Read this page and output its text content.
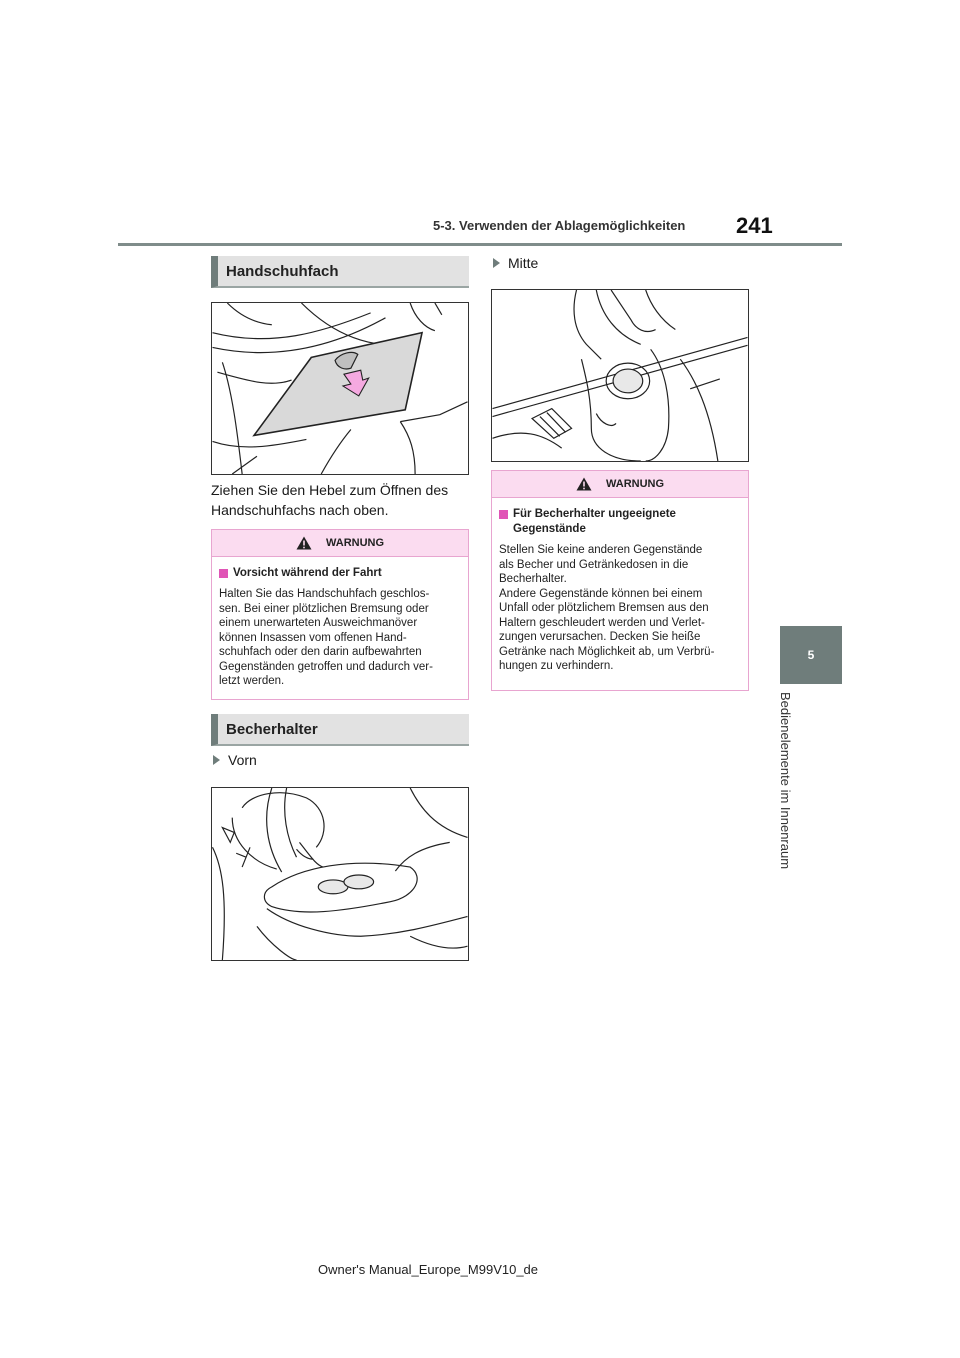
5-3. Verwenden der Ablagemöglichkeiten 241
5
Bedienelemente im Innenraum
Handschuhfach
Ziehen Sie den Hebel zum Öffnen des Handschuhfachs nach oben.
WARNUNG
Vorsicht während der Fahrt
Halten Sie das Handschuhfach geschlos-
sen. Bei einer plötzlichen Bremsung oder
einem unerwarteten Ausweichmanöver
können Insassen vom offenen Hand-
schuhfach oder den darin aufbewahrten
Gegenständen getroffen und dadurch ver-
letzt werden.
Becherhalter
Vorn
Mitte
WARNUNG
Für Becherhalter ungeeignete Gegenstände
Stellen Sie keine anderen Gegenstände
als Becher und Getränkedosen in die
Becherhalter.
Andere Gegenstände können bei einem
Unfall oder plötzlichem Bremsen aus den
Haltern geschleudert werden und Verlet-
zungen verursachen. Decken Sie heiße
Getränke nach Möglichkeit ab, um Verbrü-
hungen zu verhindern.
Owner's Manual_Europe_M99V10_de
